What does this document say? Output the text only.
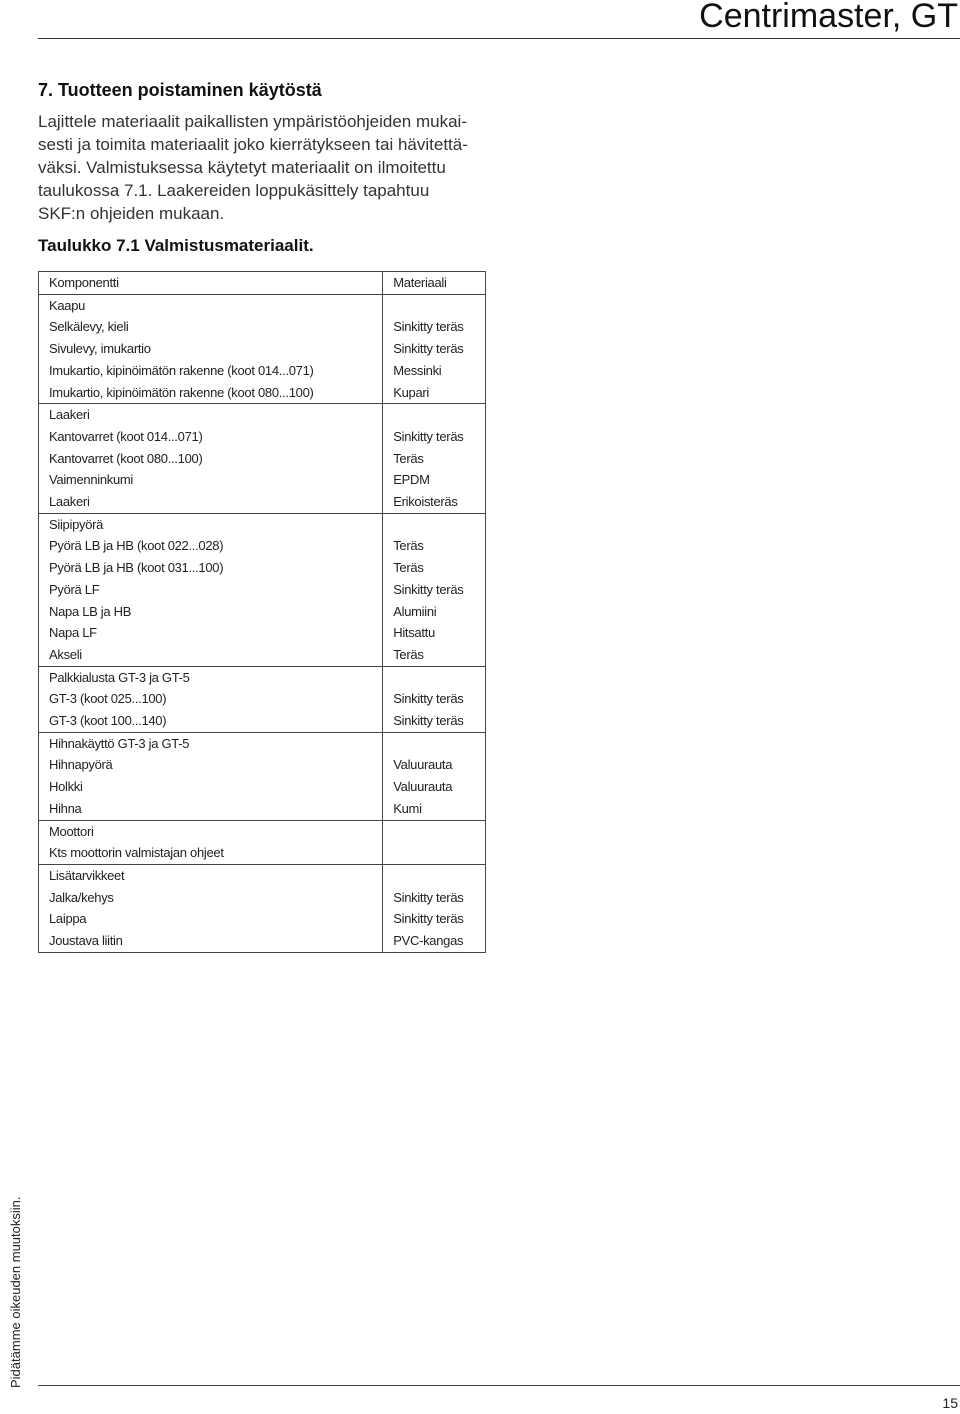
Centrimaster, GT
7. Tuotteen poistaminen käytöstä
Lajittele materiaalit paikallisten ympäristöohjeiden mukai-
sesti ja toimita materiaalit joko kierrätykseen tai hävitettä-
väksi. Valmistuksessa käytetyt materiaalit on ilmoitettu
taulukossa 7.1. Laakereiden loppukäsittely tapahtuu
SKF:n ohjeiden mukaan.
Taulukko 7.1 Valmistusmateriaalit.
Komponentti	Materiaali
Kaapu	
Selkälevy, kieli	Sinkitty teräs
Sivulevy, imukartio	Sinkitty teräs
Imukartio, kipinöimätön rakenne (koot 014...071)	Messinki
Imukartio, kipinöimätön rakenne (koot 080...100)	Kupari
Laakeri	
Kantovarret (koot 014...071)	Sinkitty teräs
Kantovarret (koot 080...100)	Teräs
Vaimenninkumi	EPDM
Laakeri	Erikoisteräs
Siipipyörä	
Pyörä LB ja HB (koot 022...028)	Teräs
Pyörä LB ja HB (koot 031...100)	Teräs
Pyörä LF	Sinkitty teräs
Napa LB ja HB	Alumiini
Napa LF	Hitsattu
Akseli	Teräs
Palkkialusta GT-3 ja GT-5	
GT-3 (koot 025...100)	Sinkitty teräs
GT-3 (koot 100...140)	Sinkitty teräs
Hihnakäyttö GT-3 ja GT-5	
Hihnapyörä	Valuurauta
Holkki	Valuurauta
Hihna	Kumi
Moottori	
Kts moottorin valmistajan ohjeet	
Lisätarvikkeet	
Jalka/kehys	Sinkitty teräs
Laippa	Sinkitty teräs
Joustava liitin	PVC-kangas
Pidätämme oikeuden muutoksiin.
15
